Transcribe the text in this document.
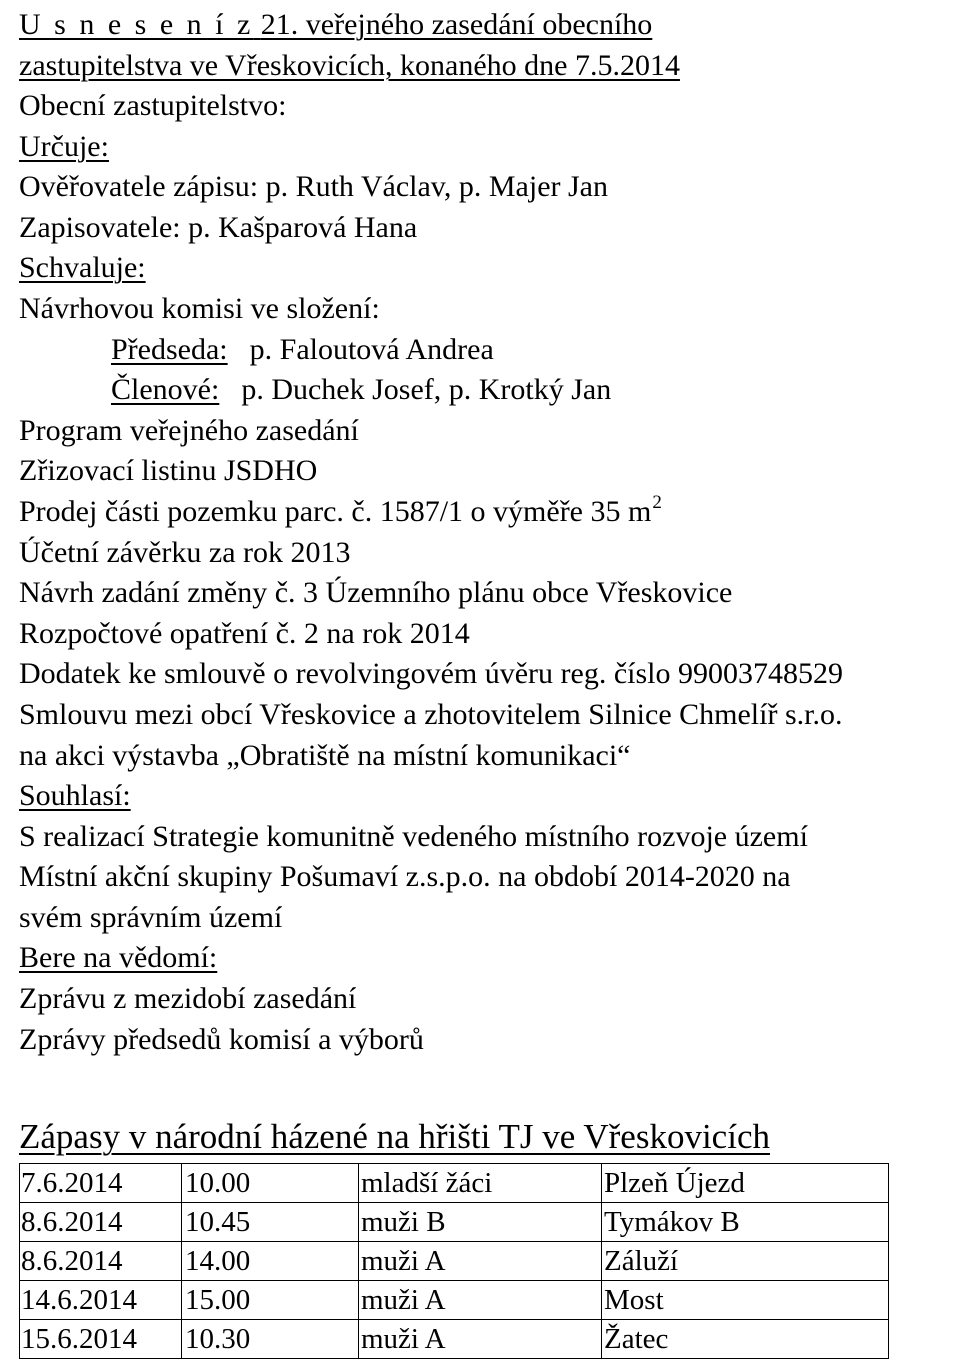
U s n e s e n í z 21. veřejného zasedání obecního
zastupitelstva ve Vřeskovicích, konaného dne 7.5.2014
Obecní zastupitelstvo:
Určuje:
Ověřovatele zápisu: p. Ruth Václav, p. Majer Jan
Zapisovatele: p. Kašparová Hana
Schvaluje:
Návrhovou komisi ve složení:
Předseda: p. Faloutová Andrea
Členové: p. Duchek Josef, p. Krotký Jan
Program veřejného zasedání
Zřizovací listinu JSDHO
Prodej části pozemku parc. č. 1587/1 o výměře 35 $m^2$
Účetní závěrku za rok 2013
Návrh zadání změny č. 3 Územního plánu obce Vřeskovice
Rozpočtové opatření č. 2 na rok 2014
Dodatek ke smlouvě o revolvingovém úvěru reg. číslo 99003748529
Smlouvu mezi obcí Vřeskovice a zhotovitelem Silnice Chmelíř s.r.o.
na akci výstavba „Obratiště na místní komunikaci“
Souhlasí:
S realizací Strategie komunitně vedeného místního rozvoje území
Místní akční skupiny Pošumaví z.s.p.o. na období 2014-2020 na
svém správním území
Bere na vědomí:
Zprávu z mezidobí zasedání
Zprávy předsedů komisí a výborů
Zápasy v národní házené na hřišti TJ ve Vřeskovicích
7.6.2014	10.00	mladší žáci	Plzeň Újezd
8.6.2014	10.45	muži B	Tymákov B
8.6.2014	14.00	muži A	Záluží
14.6.2014	15.00	muži A	Most
15.6.2014	10.30	muži A	Žatec
